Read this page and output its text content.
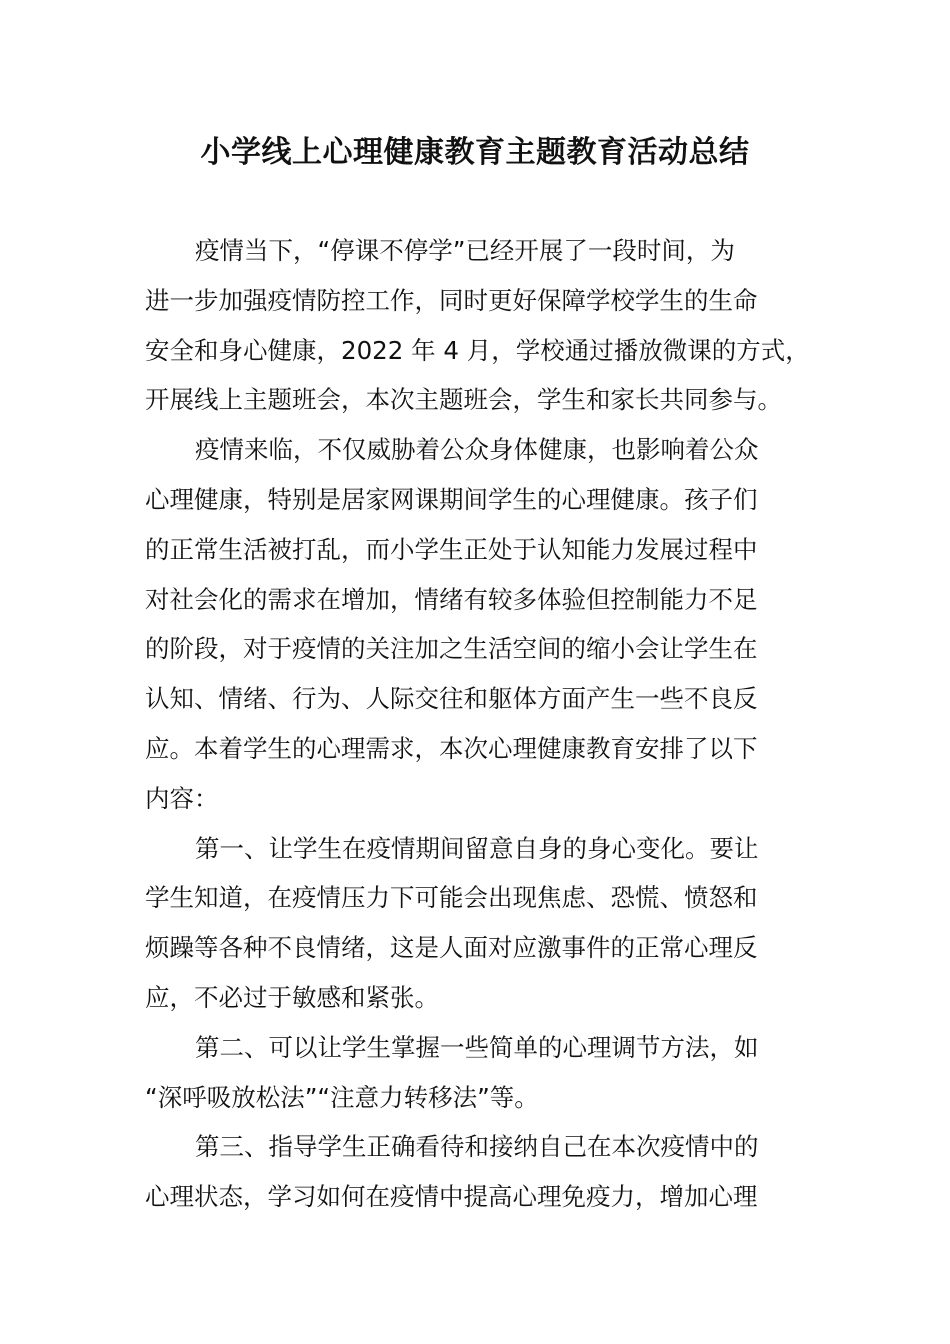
小学线上心理健康教育主题教育活动总结
疫情当下，“停课不停学”已经开展了一段时间，为
进一步加强疫情防控工作，同时更好保障学校学生的生命
安全和身心健康，2022 年 4 月，学校通过播放微课的方式，
开展线上主题班会，本次主题班会，学生和家长共同参与。
疫情来临，不仅威胁着公众身体健康，也影响着公众
心理健康，特别是居家网课期间学生的心理健康。孩子们
的正常生活被打乱，而小学生正处于认知能力发展过程中
对社会化的需求在增加，情绪有较多体验但控制能力不足
的阶段，对于疫情的关注加之生活空间的缩小会让学生在
认知、情绪、行为、人际交往和躯体方面产生一些不良反
应。本着学生的心理需求，本次心理健康教育安排了以下
内容：
第一、让学生在疫情期间留意自身的身心变化。要让
学生知道，在疫情压力下可能会出现焦虑、恐慌、愤怒和
烦躁等各种不良情绪，这是人面对应激事件的正常心理反
应，不必过于敏感和紧张。
第二、可以让学生掌握一些简单的心理调节方法，如
“深呼吸放松法”“注意力转移法”等。
第三、指导学生正确看待和接纳自己在本次疫情中的
心理状态，学习如何在疫情中提高心理免疫力，增加心理
